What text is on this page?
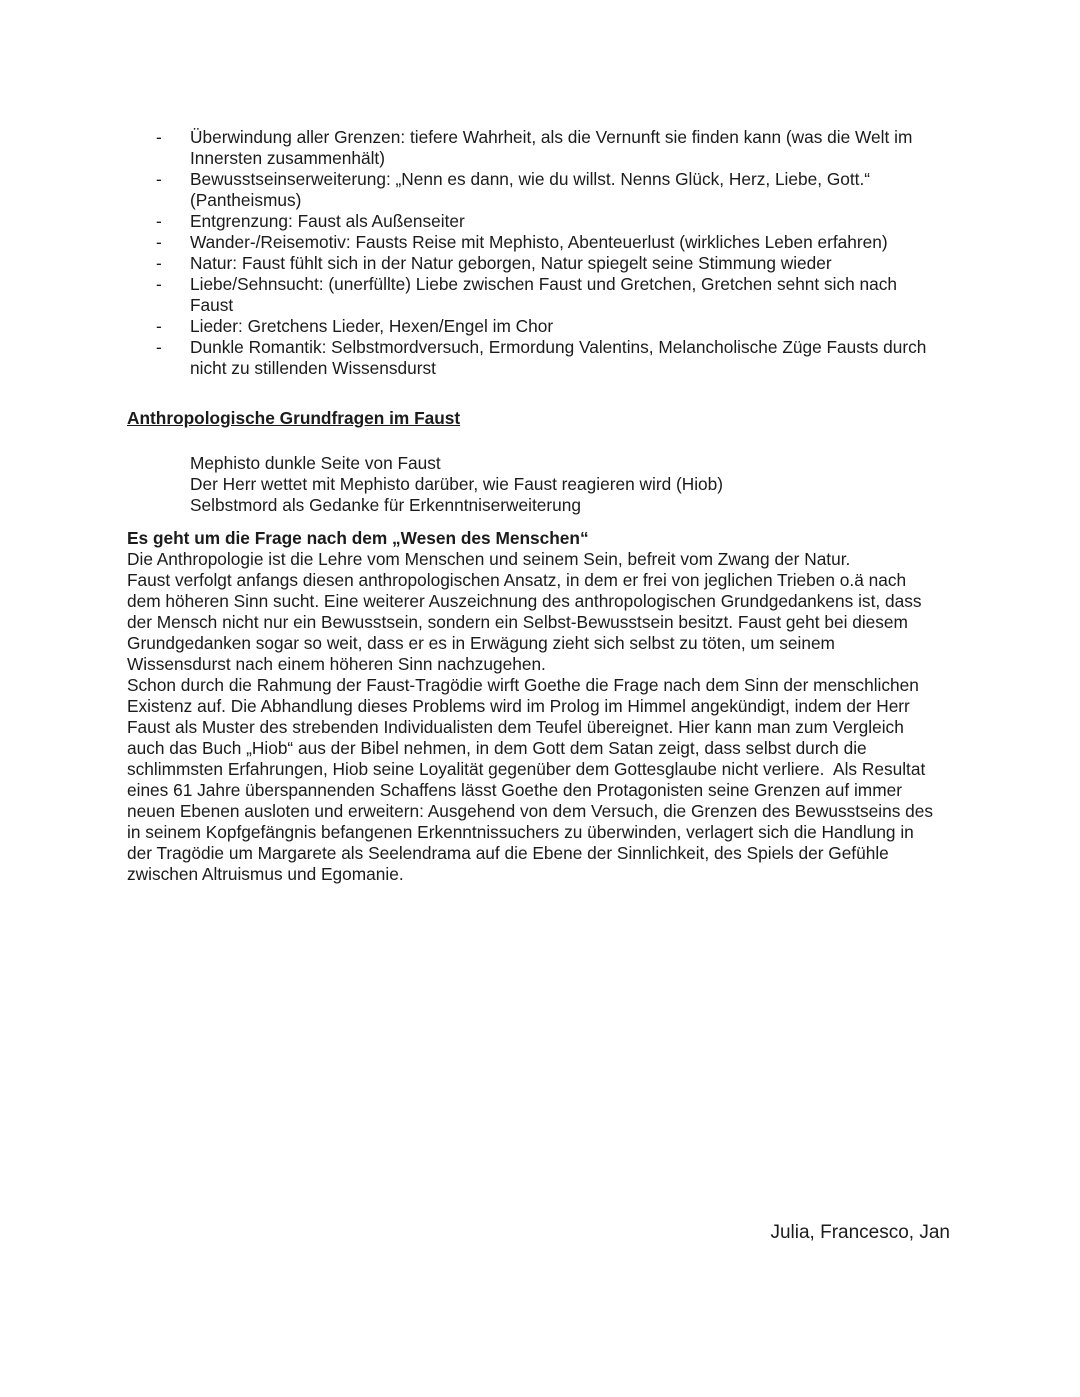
- Überwindung aller Grenzen: tiefere Wahrheit, als die Vernunft sie finden kann (was die Welt im
Innersten zusammenhält)
- Bewusstseinserweiterung: „Nenn es dann, wie du willst. Nenns Glück, Herz, Liebe, Gott.“
(Pantheismus)
- Entgrenzung: Faust als Außenseiter
- Wander-/Reisemotiv: Fausts Reise mit Mephisto, Abenteuerlust (wirkliches Leben erfahren)
- Natur: Faust fühlt sich in der Natur geborgen, Natur spiegelt seine Stimmung wieder
- Liebe/Sehnsucht: (unerfüllte) Liebe zwischen Faust und Gretchen, Gretchen sehnt sich nach
Faust
- Lieder: Gretchens Lieder, Hexen/Engel im Chor
- Dunkle Romantik: Selbstmordversuch, Ermordung Valentins, Melancholische Züge Fausts durch
nicht zu stillenden Wissensdurst
Anthropologische Grundfragen im Faust
Mephisto dunkle Seite von Faust
Der Herr wettet mit Mephisto darüber, wie Faust reagieren wird (Hiob)
Selbstmord als Gedanke für Erkenntniserweiterung
Es geht um die Frage nach dem „Wesen des Menschen“
Die Anthropologie ist die Lehre vom Menschen und seinem Sein, befreit vom Zwang der Natur.
Faust verfolgt anfangs diesen anthropologischen Ansatz, in dem er frei von jeglichen Trieben o.ä nach
dem höheren Sinn sucht. Eine weiterer Auszeichnung des anthropologischen Grundgedankens ist, dass
der Mensch nicht nur ein Bewusstsein, sondern ein Selbst-Bewusstsein besitzt. Faust geht bei diesem
Grundgedanken sogar so weit, dass er es in Erwägung zieht sich selbst zu töten, um seinem
Wissensdurst nach einem höheren Sinn nachzugehen.
Schon durch die Rahmung der Faust-Tragödie wirft Goethe die Frage nach dem Sinn der menschlichen
Existenz auf. Die Abhandlung dieses Problems wird im Prolog im Himmel angekündigt, indem der Herr
Faust als Muster des strebenden Individualisten dem Teufel übereignet. Hier kann man zum Vergleich
auch das Buch „Hiob“ aus der Bibel nehmen, in dem Gott dem Satan zeigt, dass selbst durch die
schlimmsten Erfahrungen, Hiob seine Loyalität gegenüber dem Gottesglaube nicht verliere.  Als Resultat
eines 61 Jahre überspannenden Schaffens lässt Goethe den Protagonisten seine Grenzen auf immer
neuen Ebenen ausloten und erweitern: Ausgehend von dem Versuch, die Grenzen des Bewusstseins des
in seinem Kopfgefängnis befangenen Erkenntnissuchers zu überwinden, verlagert sich die Handlung in
der Tragödie um Margarete als Seelendrama auf die Ebene der Sinnlichkeit, des Spiels der Gefühle
zwischen Altruismus und Egomanie.
Julia, Francesco, Jan
